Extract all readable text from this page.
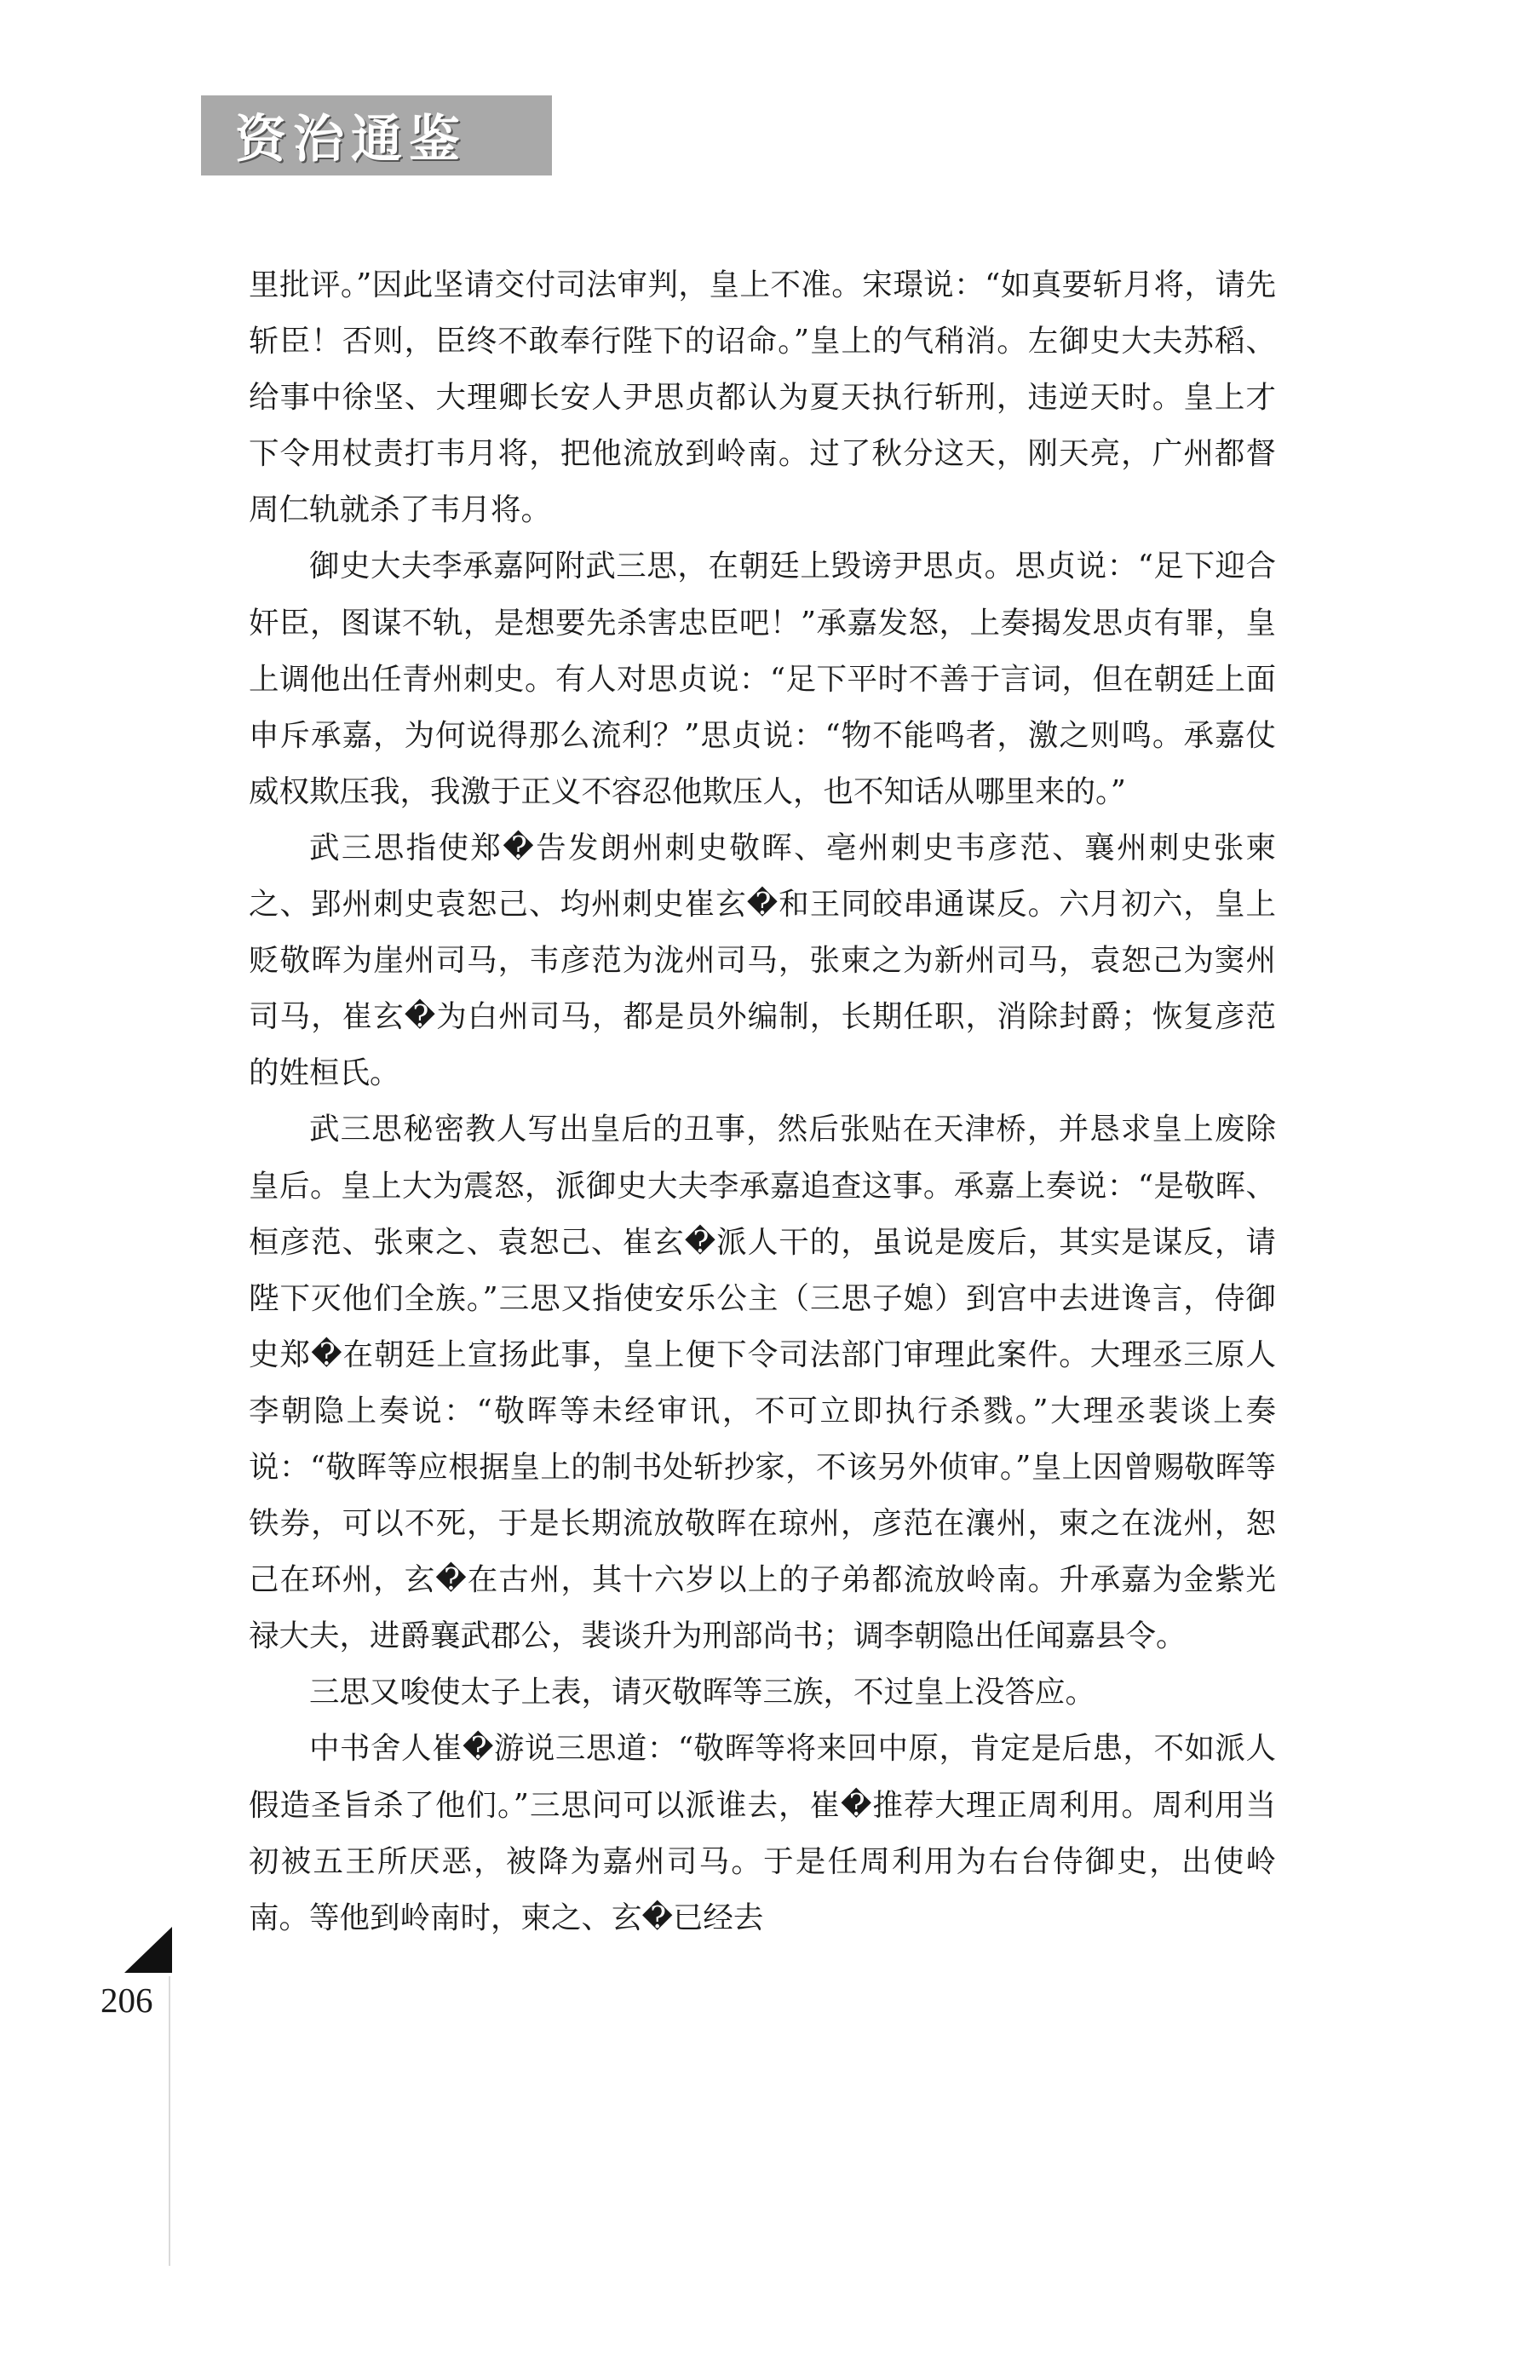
资治通鉴

里批评。”因此坚请交付司法审判，皇上不准。宋璟说：“如真要斩月将，请先斩臣！否则，臣终不敢奉行陛下的诏命。”皇上的气稍消。左御史大夫苏稻、给事中徐坚、大理卿长安人尹思贞都认为夏天执行斩刑，违逆天时。皇上才下令用杖责打韦月将，把他流放到岭南。过了秋分这天，刚天亮，广州都督周仁轨就杀了韦月将。

御史大夫李承嘉阿附武三思，在朝廷上毁谤尹思贞。思贞说：“足下迎合奸臣，图谋不轨，是想要先杀害忠臣吧！”承嘉发怒，上奏揭发思贞有罪，皇上调他出任青州刺史。有人对思贞说：“足下平时不善于言词，但在朝廷上面申斥承嘉，为何说得那么流利？”思贞说：“物不能鸣者，激之则鸣。承嘉仗威权欺压我，我激于正义不容忍他欺压人，也不知话从哪里来的。”

武三思指使郑�告发朗州刺史敬晖、亳州刺史韦彦范、襄州刺史张柬之、郢州刺史袁恕己、均州刺史崔玄�和王同皎串通谋反。六月初六，皇上贬敬晖为崖州司马，韦彦范为泷州司马，张柬之为新州司马，袁恕己为窦州司马，崔玄�为白州司马，都是员外编制，长期任职，消除封爵；恢复彦范的姓桓氏。

武三思秘密教人写出皇后的丑事，然后张贴在天津桥，并恳求皇上废除皇后。皇上大为震怒，派御史大夫李承嘉追查这事。承嘉上奏说：“是敬晖、桓彦范、张柬之、袁恕己、崔玄�派人干的，虽说是废后，其实是谋反，请陛下灭他们全族。”三思又指使安乐公主（三思子媳）到宫中去进谗言，侍御史郑�在朝廷上宣扬此事，皇上便下令司法部门审理此案件。大理丞三原人李朝隐上奏说：“敬晖等未经审讯，不可立即执行杀戮。”大理丞裴谈上奏说：“敬晖等应根据皇上的制书处斩抄家，不该另外侦审。”皇上因曾赐敬晖等铁券，可以不死，于是长期流放敬晖在琼州，彦范在瀼州，柬之在泷州，恕己在环州，玄�在古州，其十六岁以上的子弟都流放岭南。升承嘉为金紫光禄大夫，进爵襄武郡公，裴谈升为刑部尚书；调李朝隐出任闻嘉县令。

三思又唆使太子上表，请灭敬晖等三族，不过皇上没答应。

中书舍人崔�游说三思道：“敬晖等将来回中原，肯定是后患，不如派人假造圣旨杀了他们。”三思问可以派谁去，崔�推荐大理正周利用。周利用当初被五王所厌恶，被降为嘉州司马。于是任周利用为右台侍御史，出使岭南。等他到岭南时，柬之、玄�已经去

206
